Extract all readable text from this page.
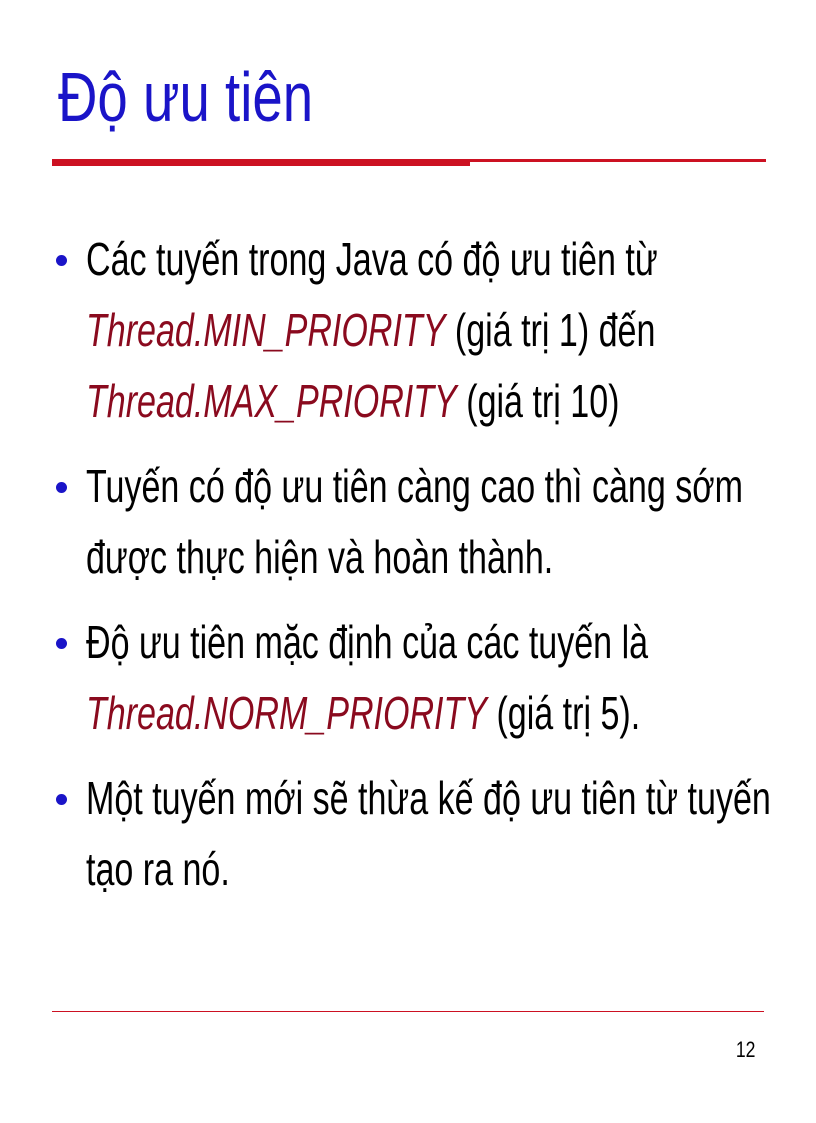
Độ ưu tiên
Các tuyến trong Java có độ ưu tiên từ Thread.MIN_PRIORITY (giá trị 1) đến Thread.MAX_PRIORITY (giá trị 10)
Tuyến có độ ưu tiên càng cao thì càng sớm được thực hiện và hoàn thành.
Độ ưu tiên mặc định của các tuyến là Thread.NORM_PRIORITY (giá trị 5).
Một tuyến mới sẽ thừa kế độ ưu tiên từ tuyến tạo ra nó.
12
